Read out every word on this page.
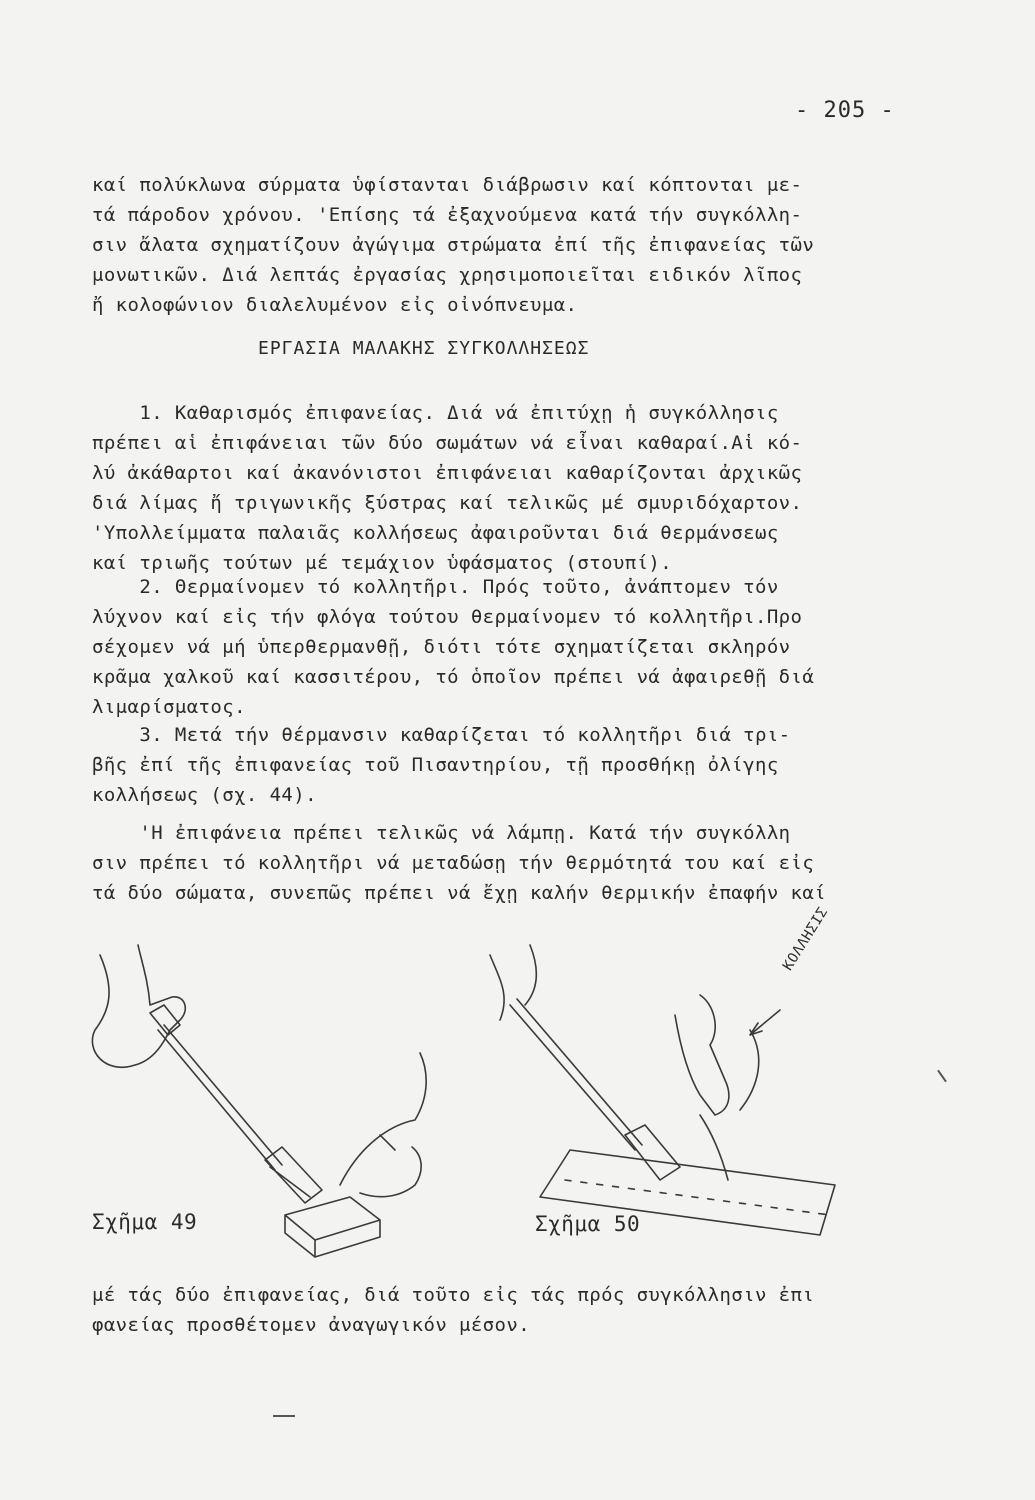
- 205 -

καί πολύκλωνα σύρματα ὑφίστανται διάβρωσιν καί κόπτονται με-

τά πάροδον χρόνου. 'Επίσης τά ἐξαχνούμενα κατά τήν συγκόλλη-

σιν ἄλατα σχηματίζουν ἀγώγιμα στρώματα ἐπί τῆς ἐπιφανείας τῶν

μονωτικῶν. Διά λεπτάς ἐργασίας χρησιμοποιεῖται ειδικόν λῖπος

ἤ κολοφώνιον διαλελυμένον εἰς οἰνόπνευμα.

ΕΡΓΑΣΙΑ ΜΑΛΑΚΗΣ ΣΥΓΚΟΛΛΗΣΕΩΣ

1. Καθαρισμός ἐπιφανείας. Διά νά ἐπιτύχῃ ἡ συγκόλλησις

πρέπει αἱ ἐπιφάνειαι τῶν δύο σωμάτων νά εἶναι καθαραί.Αἱ κό-

λύ ἀκάθαρτοι καί ἀκανόνιστοι ἐπιφάνειαι καθαρίζονται ἀρχικῶς

διά λίμας ἤ τριγωνικῆς ξύστρας καί τελικῶς μέ σμυριδόχαρτον.

'Υπολλείμματα παλαιᾶς κολλήσεως ἀφαιροῦνται διά θερμάνσεως

καί τριωῆς τούτων μέ τεμάχιον ὑφάσματος (στουπί).

2. Θερμαίνομεν τό κολλητῆρι. Πρός τοῦτο, ἀνάπτομεν τόν

λύχνον καί εἰς τήν φλόγα τούτου θερμαίνομεν τό κολλητῆρι.Προ

σέχομεν νά μή ὑπερθερμανθῇ, διότι τότε σχηματίζεται σκληρόν

κρᾶμα χαλκοῦ καί κασσιτέρου, τό ὁποῖον πρέπει νά ἀφαιρεθῇ διά

λιμαρίσματος.

3. Μετά τήν θέρμανσιν καθαρίζεται τό κολλητῆρι διά τρι-

βῆς ἐπί τῆς ἐπιφανείας τοῦ Πισαντηρίου, τῇ προσθήκῃ ὀλίγης

κολλήσεως (σχ. 44).

'Η ἐπιφάνεια πρέπει τελικῶς νά λάμπῃ. Κατά τήν συγκόλλη

σιν πρέπει τό κολλητῆρι νά μεταδώσῃ τήν θερμότητά του καί εἰς

τά δύο σώματα, συνεπῶς πρέπει νά ἔχῃ καλήν θερμικήν ἐπαφήν καί

Σχῆμα 49	Σχῆμα 50
ΚΟΛΛΗΣΙΣ

μέ τάς δύο ἐπιφανείας, διά τοῦτο εἰς τάς πρός συγκόλλησιν ἐπι

φανείας προσθέτομεν ἀναγωγικόν μέσον.
